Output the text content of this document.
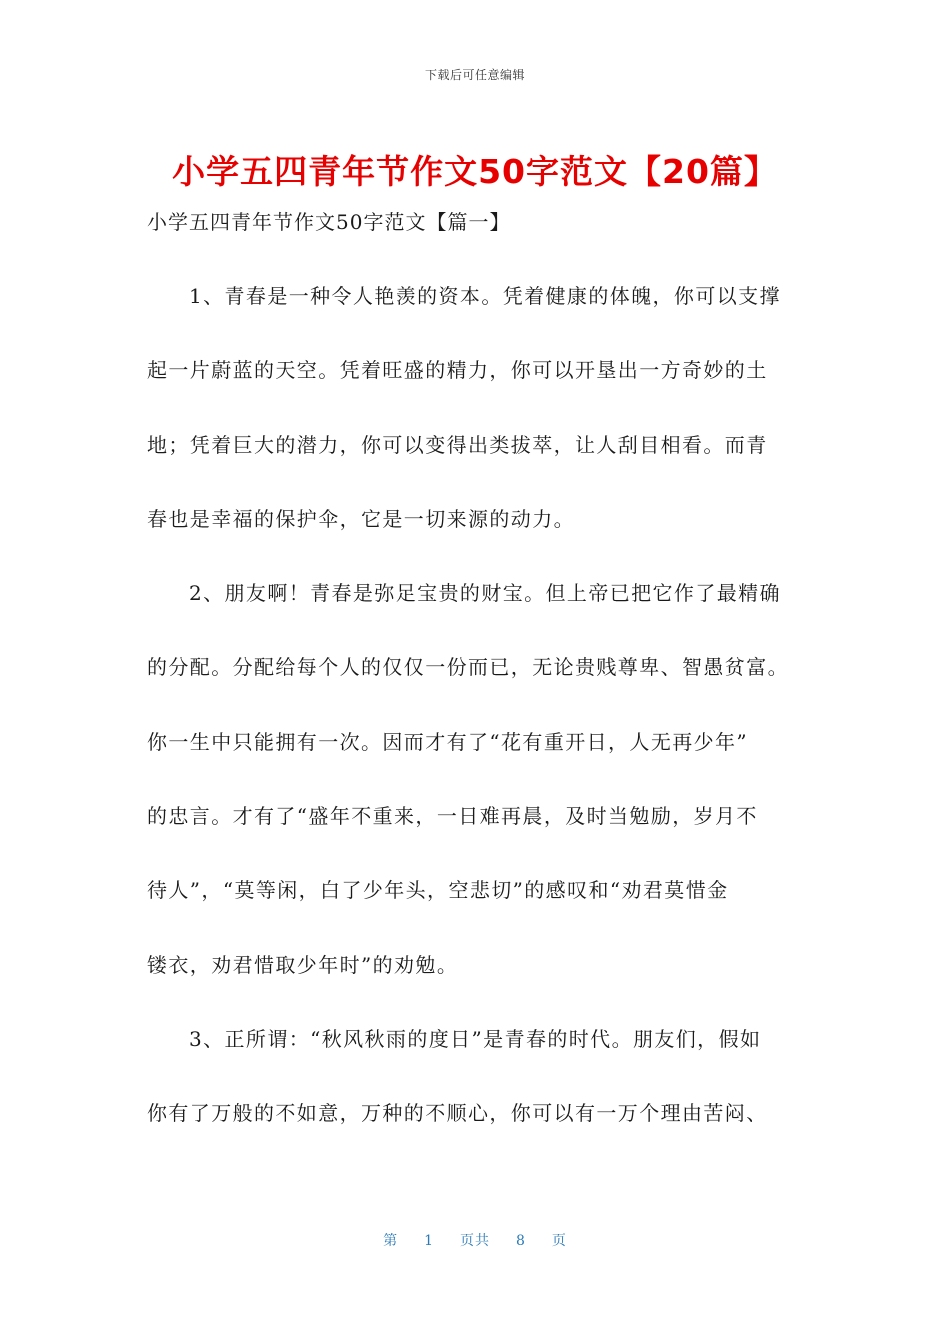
下载后可任意编辑
小学五四青年节作文50字范文【20篇】
小学五四青年节作文50字范文【篇一】
1、青春是一种令人艳羡的资本。凭着健康的体魄，你可以支撑
起一片蔚蓝的天空。凭着旺盛的精力，你可以开垦出一方奇妙的土
地；凭着巨大的潜力，你可以变得出类拔萃，让人刮目相看。而青
春也是幸福的保护伞，它是一切来源的动力。
2、朋友啊！青春是弥足宝贵的财宝。但上帝已把它作了最精确
的分配。分配给每个人的仅仅一份而已，无论贵贱尊卑、智愚贫富。
你一生中只能拥有一次。因而才有了“花有重开日，人无再少年”
的忠言。才有了“盛年不重来，一日难再晨，及时当勉励，岁月不
待人”，“莫等闲，白了少年头，空悲切”的感叹和“劝君莫惜金
镂衣，劝君惜取少年时”的劝勉。
3、正所谓：“秋风秋雨的度日”是青春的时代。朋友们，假如
你有了万般的不如意，万种的不顺心，你可以有一万个理由苦闷、
第 1 页共 8 页
